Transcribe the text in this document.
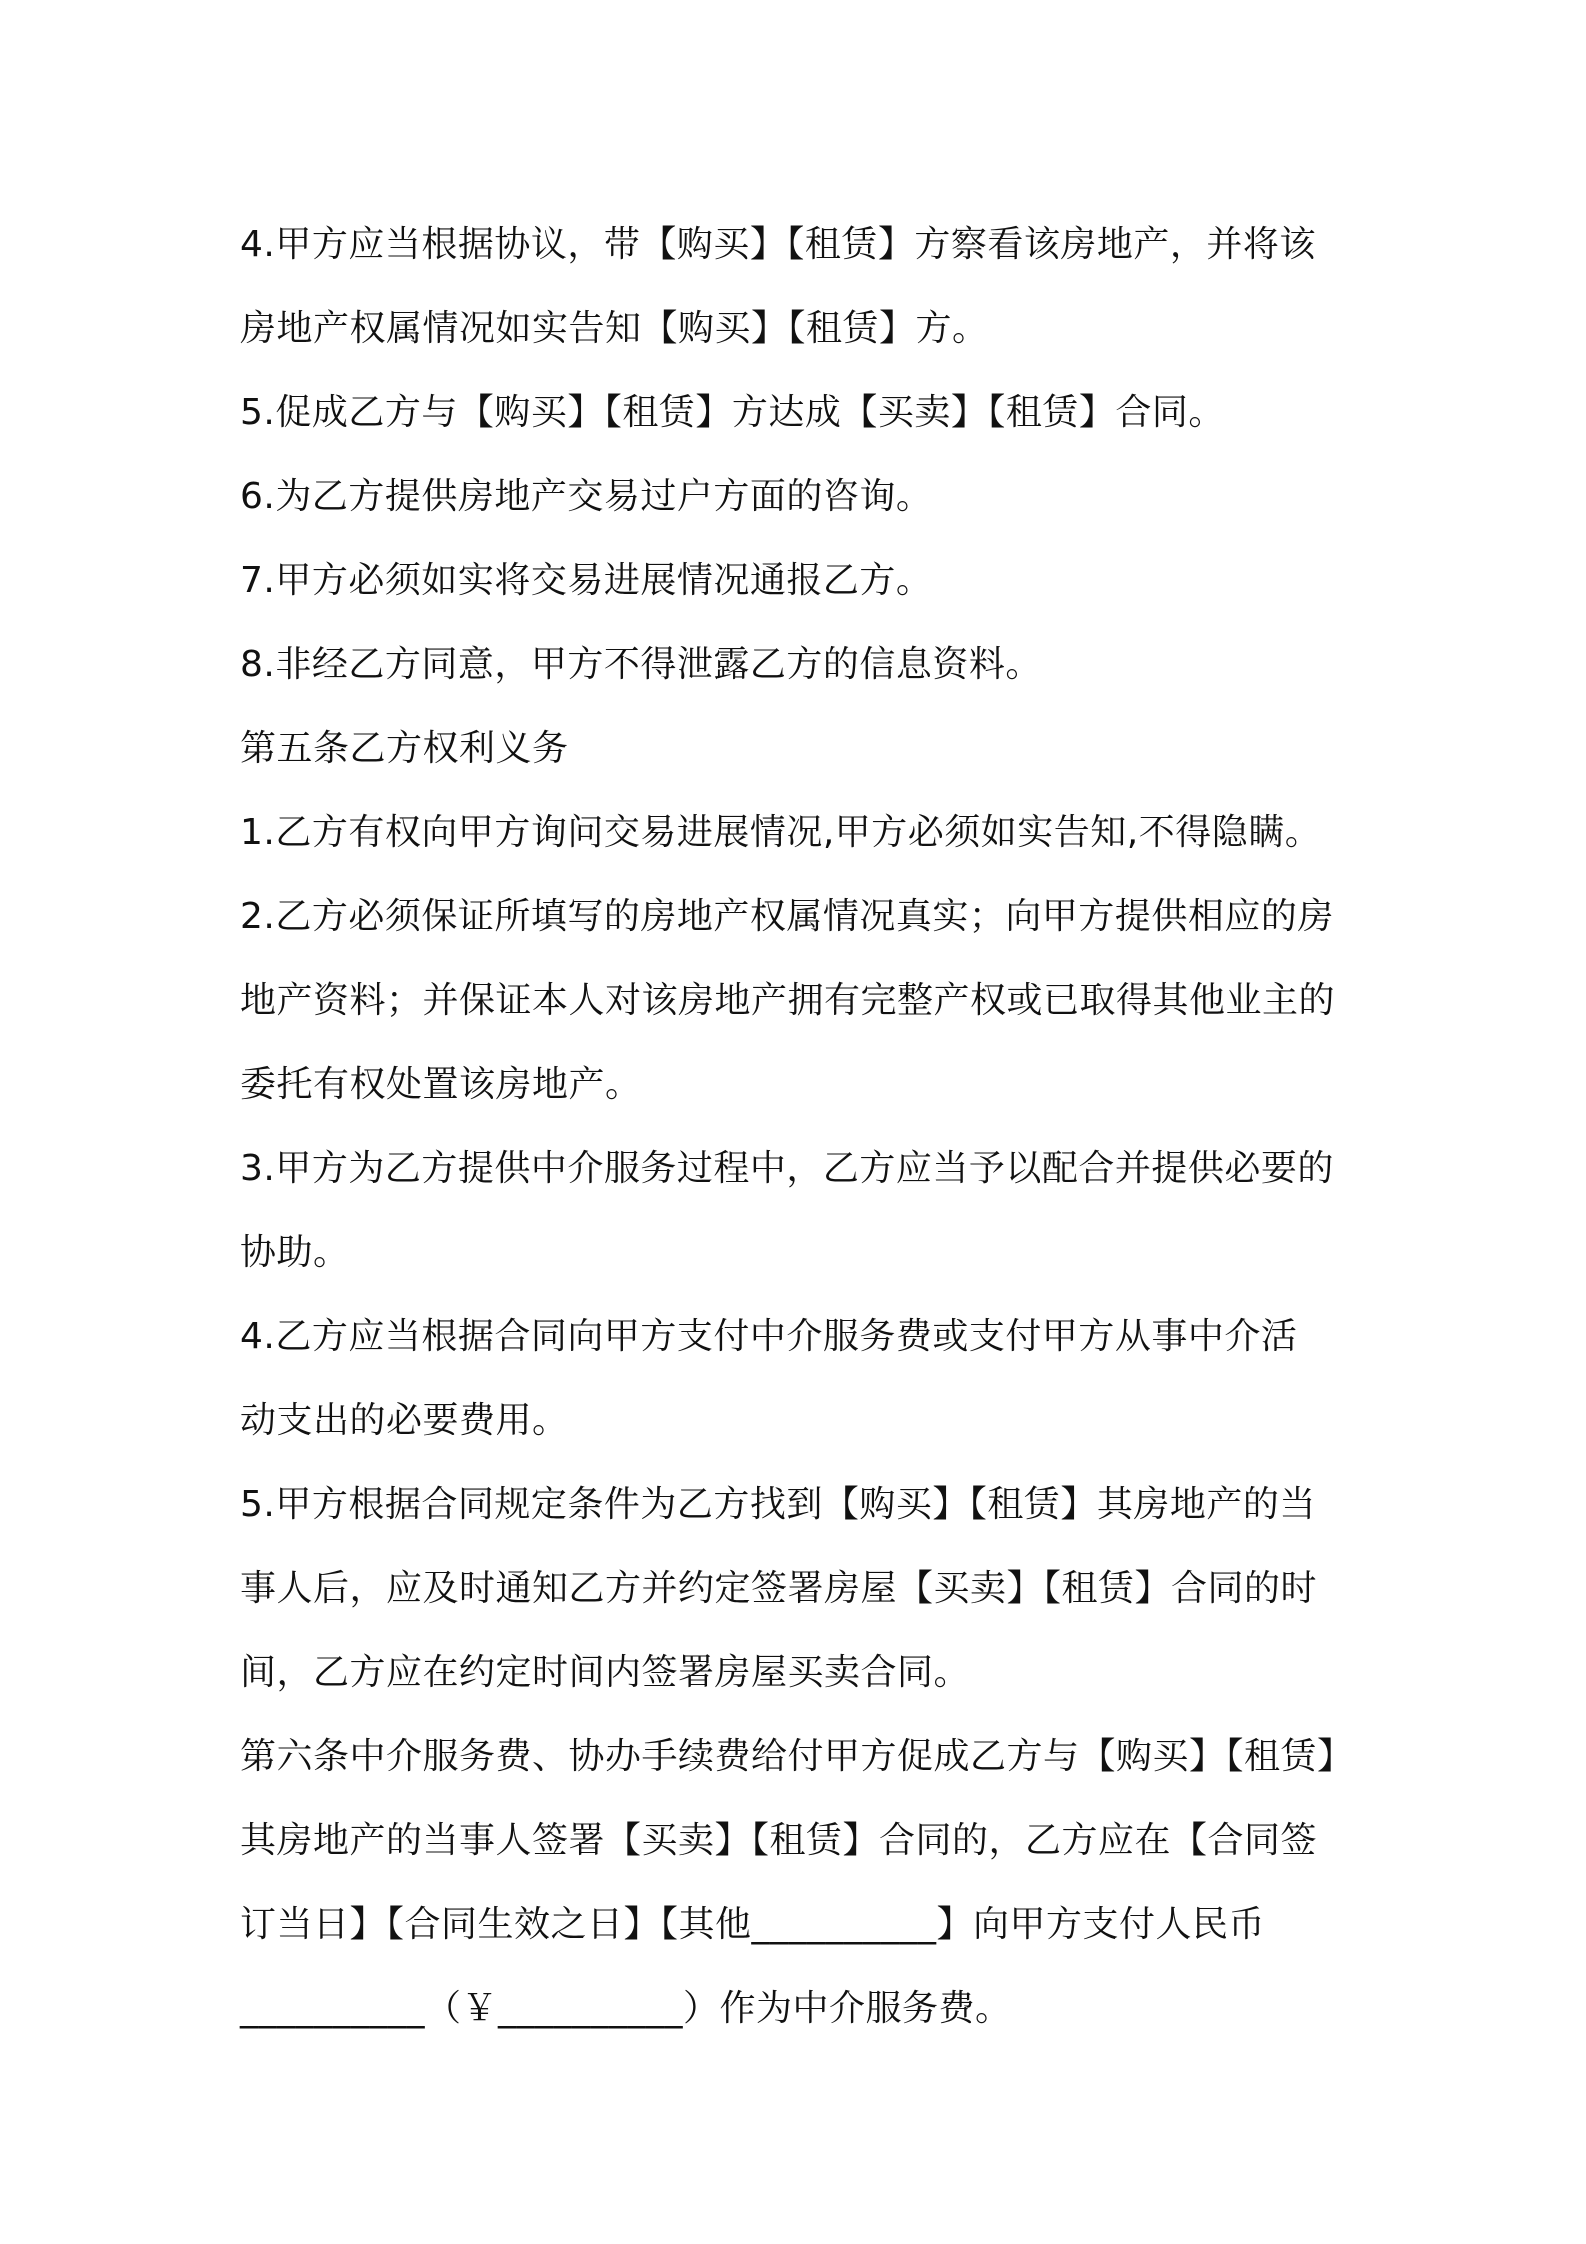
4.甲方应当根据协议，带【购买】【租赁】方察看该房地产，并将该
房地产权属情况如实告知【购买】【租赁】方。

5.促成乙方与【购买】【租赁】方达成【买卖】【租赁】合同。

6.为乙方提供房地产交易过户方面的咨询。

7.甲方必须如实将交易进展情况通报乙方。

8.非经乙方同意，甲方不得泄露乙方的信息资料。

第五条乙方权利义务

1.乙方有权向甲方询问交易进展情况,甲方必须如实告知,不得隐瞒。

2.乙方必须保证所填写的房地产权属情况真实；向甲方提供相应的房
地产资料；并保证本人对该房地产拥有完整产权或已取得其他业主的
委托有权处置该房地产。

3.甲方为乙方提供中介服务过程中，乙方应当予以配合并提供必要的
协助。

4.乙方应当根据合同向甲方支付中介服务费或支付甲方从事中介活
动支出的必要费用。

5.甲方根据合同规定条件为乙方找到【购买】【租赁】其房地产的当
事人后，应及时通知乙方并约定签署房屋【买卖】【租赁】合同的时
间，乙方应在约定时间内签署房屋买卖合同。

第六条中介服务费、协办手续费给付甲方促成乙方与【购买】【租赁】
其房地产的当事人签署【买卖】【租赁】合同的，乙方应在【合同签
订当日】【合同生效之日】【其他__________】向甲方支付人民币
__________（￥__________）作为中介服务费。
